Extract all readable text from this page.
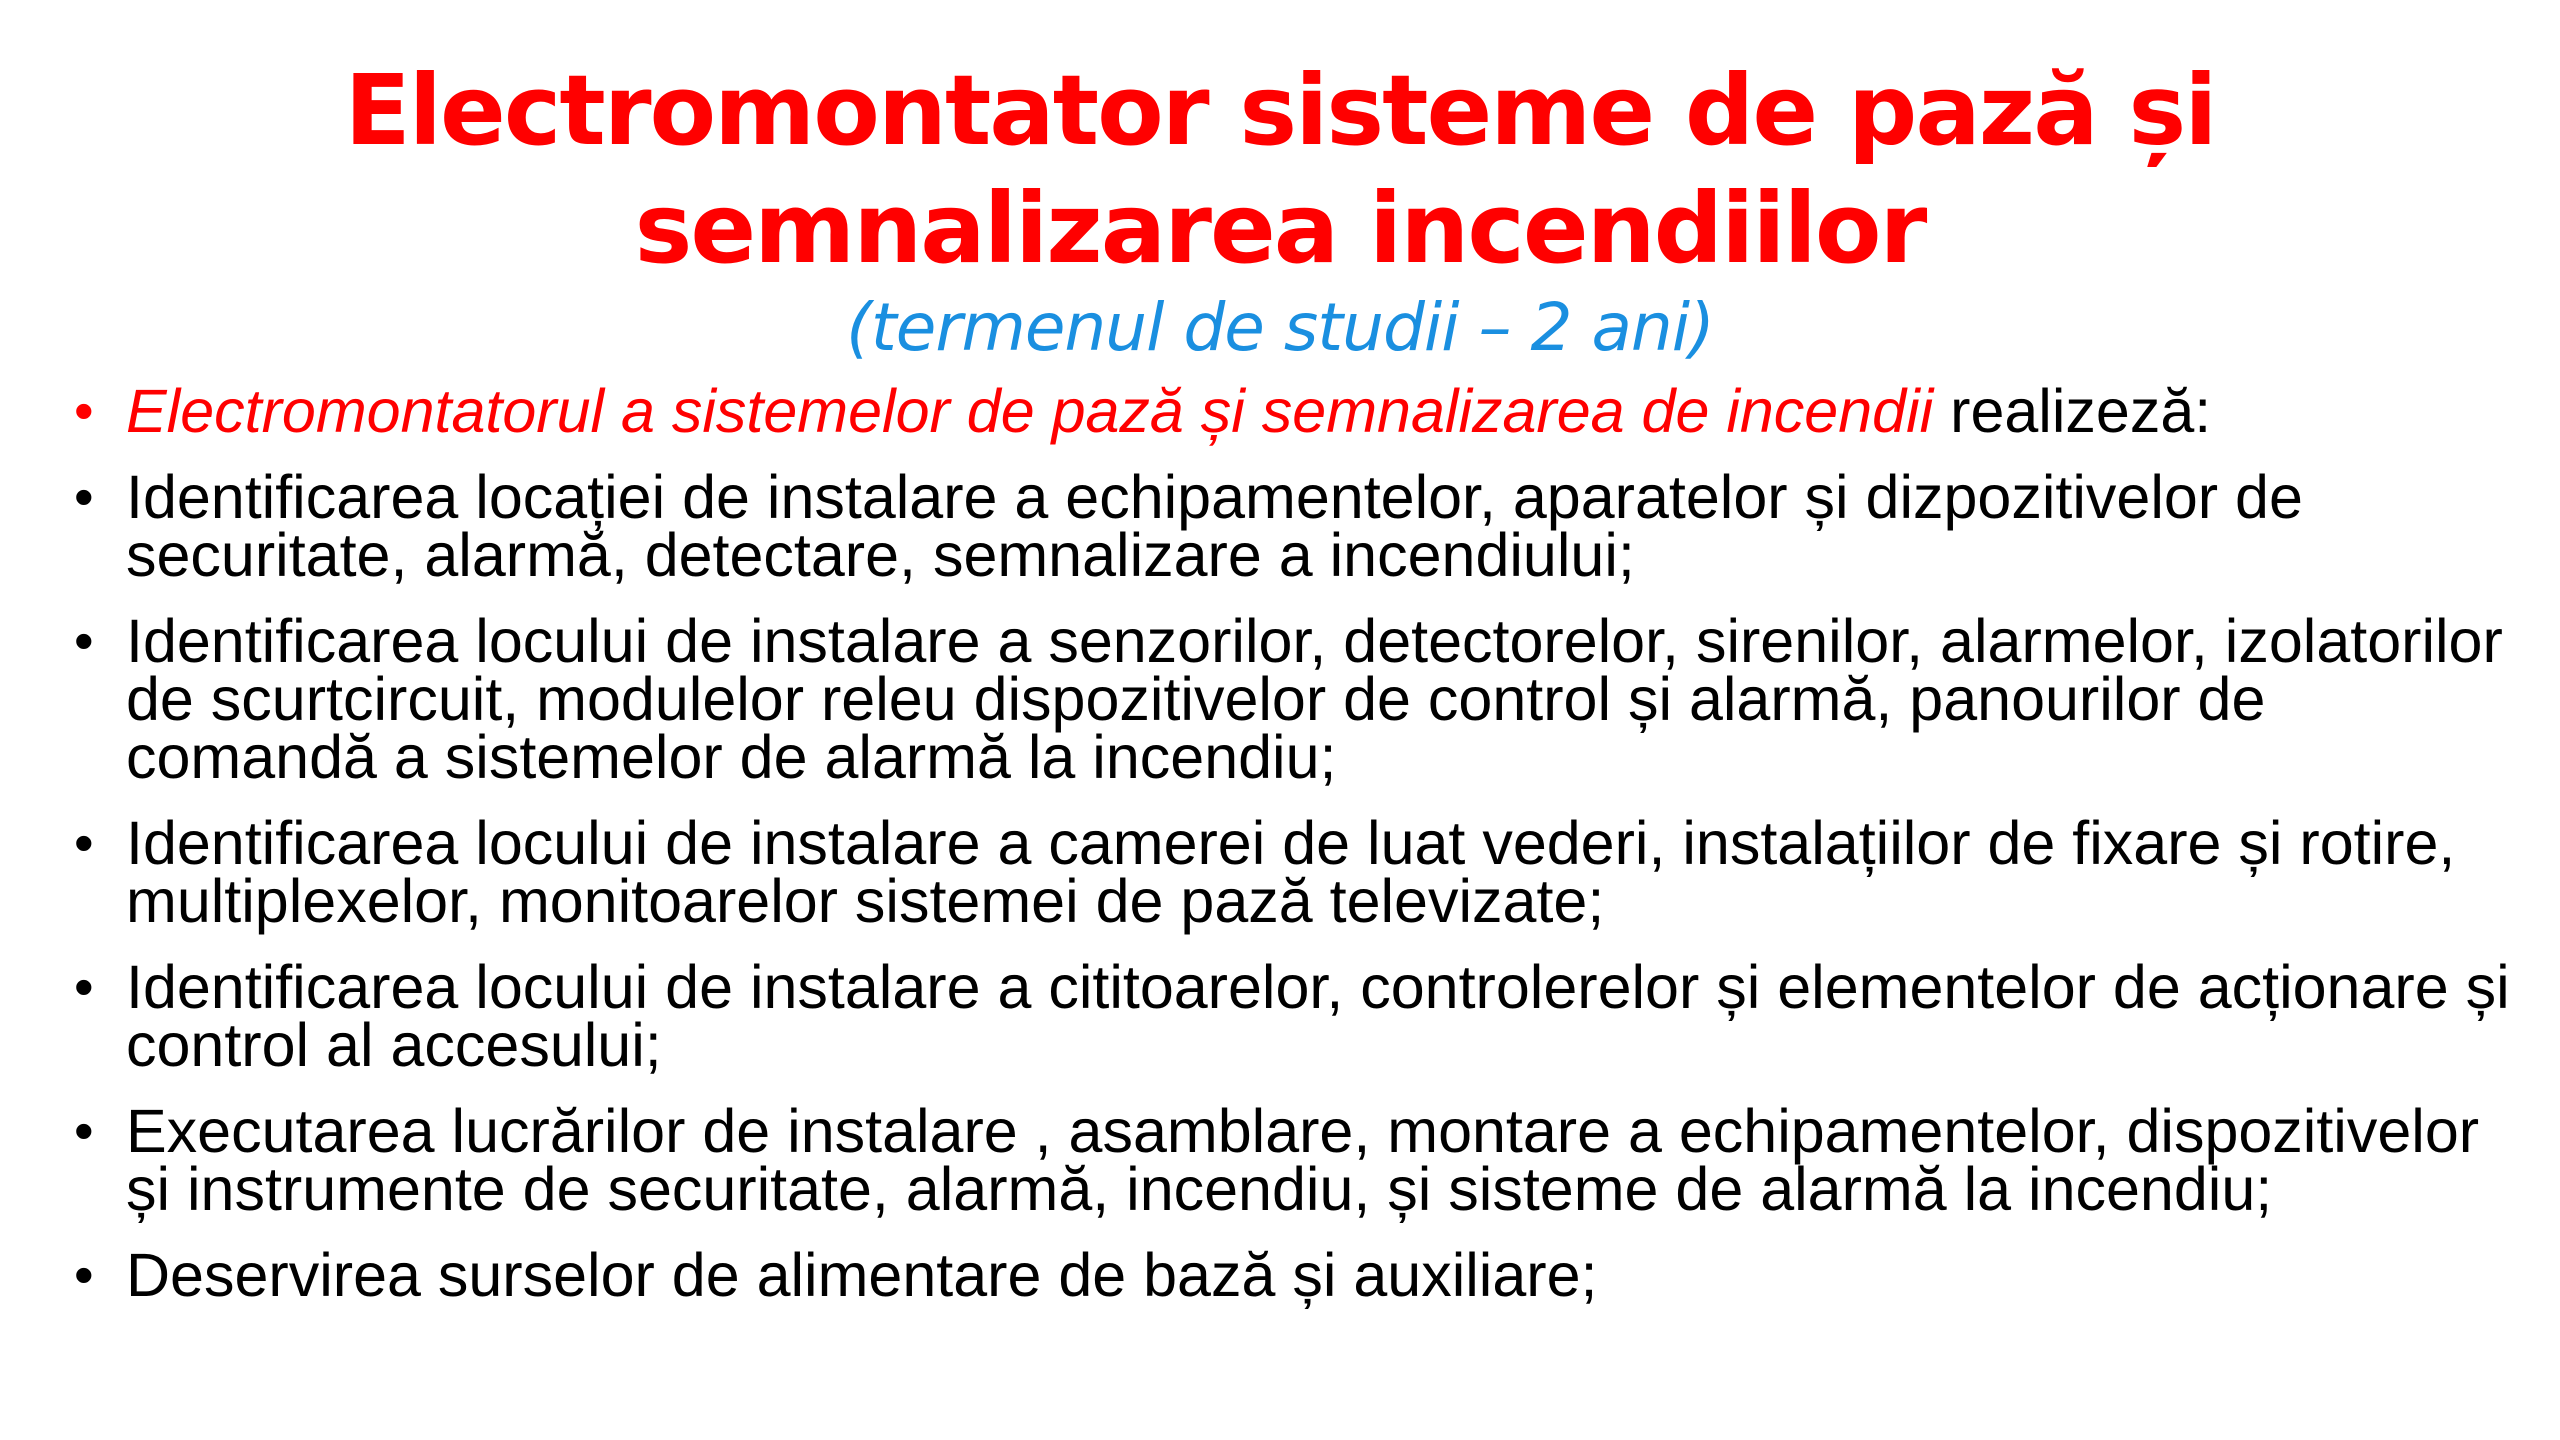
Electromontator sisteme de pază și
semnalizarea incendiilor
(termenul de studii – 2 ani)
• Electromontatorul a sistemelor de pază și semnalizarea de incendii realizeză:
• Identificarea locației de instalare a echipamentelor, aparatelor și dizpozitivelor de securitate, alarmă, detectare, semnalizare a incendiului;
• Identificarea locului de instalare a senzorilor, detectorelor, sirenilor, alarmelor, izolatorilor de scurtcircuit, modulelor releu dispozitivelor de control și alarmă, panourilor de comandă a sistemelor de alarmă la incendiu;
• Identificarea locului de instalare a camerei de luat vederi, instalațiilor de fixare și rotire, multiplexelor, monitoarelor sistemei de pază televizate;
• Identificarea locului de instalare a cititoarelor, controlerelor și elementelor de acționare și control al accesului;
• Executarea lucrărilor de instalare , asamblare, montare a echipamentelor, dispozitivelor și instrumente de securitate, alarmă, incendiu, și sisteme de alarmă la incendiu;
• Deservirea surselor de alimentare de bază și auxiliare;
